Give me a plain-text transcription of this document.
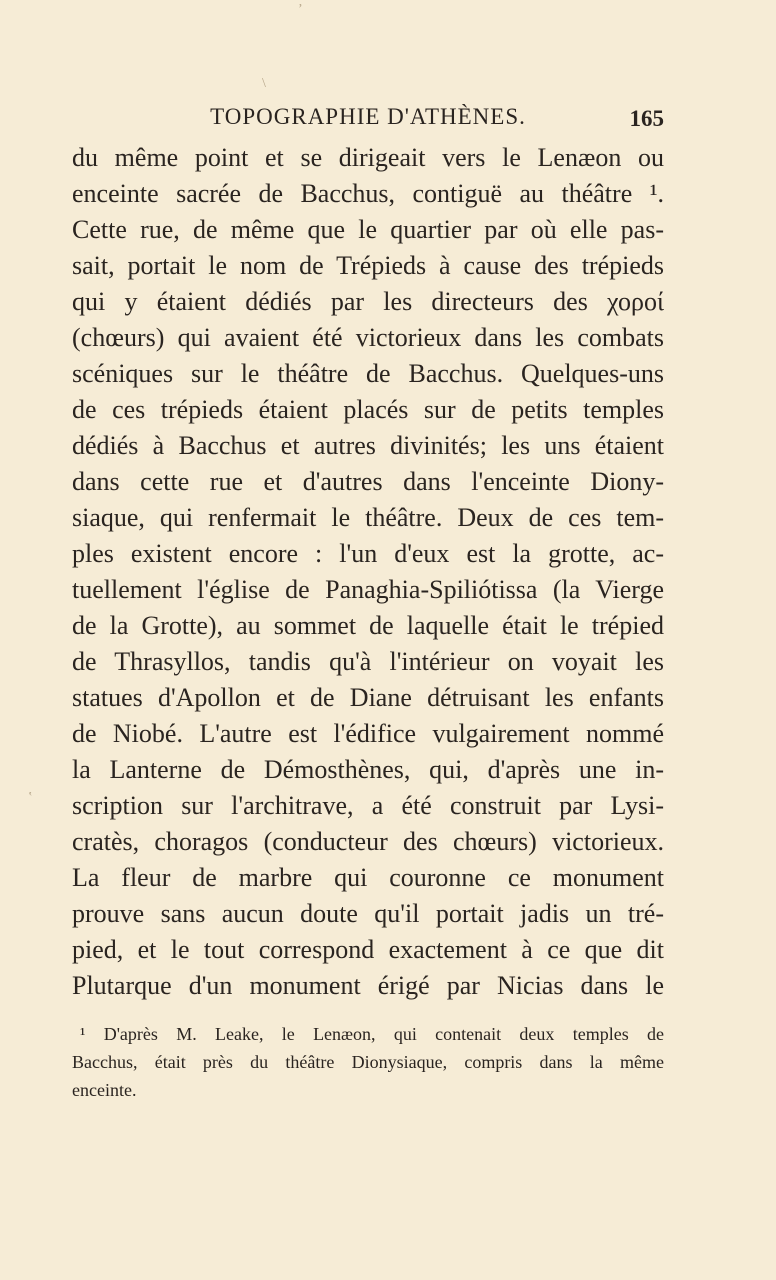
ʼ
\
ʽ
TOPOGRAPHIE D'ATHÈNES.	165
du même point et se dirigeait vers le Lenæon ou
enceinte sacrée de Bacchus, contiguë au théâtre ¹.
Cette rue, de même que le quartier par où elle pas-
sait, portait le nom de Trépieds à cause des trépieds
qui y étaient dédiés par les directeurs des χοροί
(chœurs) qui avaient été victorieux dans les combats
scéniques sur le théâtre de Bacchus. Quelques-uns
de ces trépieds étaient placés sur de petits temples
dédiés à Bacchus et autres divinités; les uns étaient
dans cette rue et d'autres dans l'enceinte Diony-
siaque, qui renfermait le théâtre. Deux de ces tem-
ples existent encore : l'un d'eux est la grotte, ac-
tuellement l'église de Panaghia-Spiliótissa (la Vierge
de la Grotte), au sommet de laquelle était le trépied
de Thrasyllos, tandis qu'à l'intérieur on voyait les
statues d'Apollon et de Diane détruisant les enfants
de Niobé. L'autre est l'édifice vulgairement nommé
la Lanterne de Démosthènes, qui, d'après une in-
scription sur l'architrave, a été construit par Lysi-
cratès, choragos (conducteur des chœurs) victorieux.
La fleur de marbre qui couronne ce monument
prouve sans aucun doute qu'il portait jadis un tré-
pied, et le tout correspond exactement à ce que dit
Plutarque d'un monument érigé par Nicias dans le
¹ D'après M. Leake, le Lenæon, qui contenait deux temples de
Bacchus, était près du théâtre Dionysiaque, compris dans la même
enceinte.
